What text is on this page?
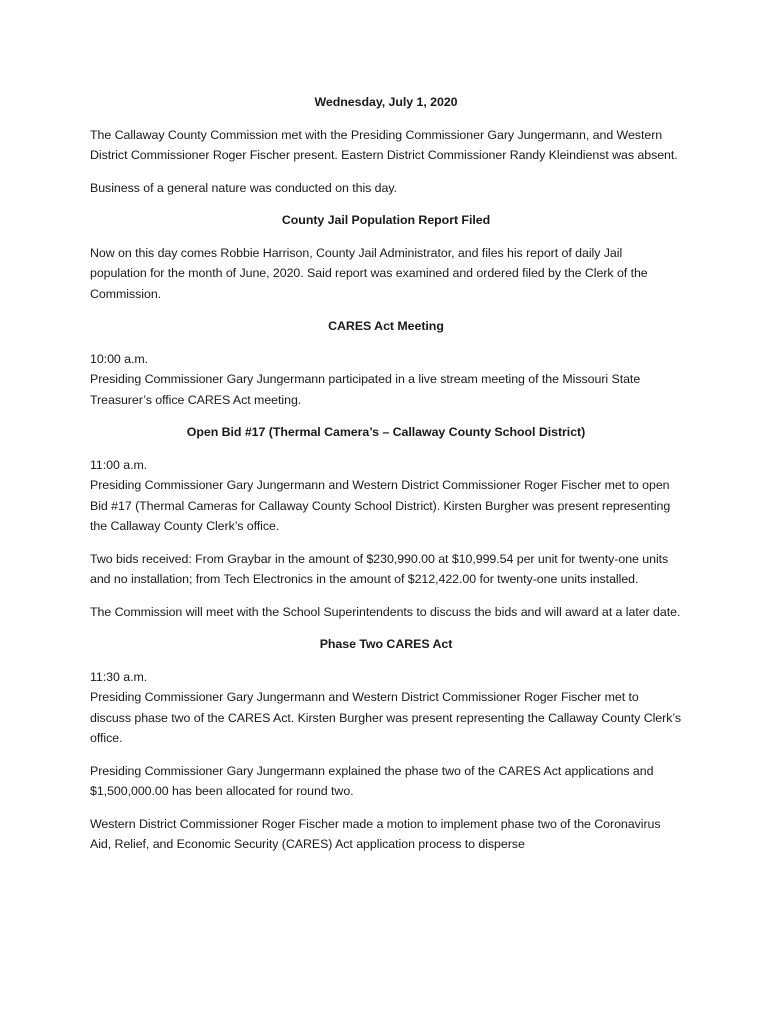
Wednesday, July 1, 2020

The Callaway County Commission met with the Presiding Commissioner Gary Jungermann, and Western District Commissioner Roger Fischer present. Eastern District Commissioner Randy Kleindienst was absent.

Business of a general nature was conducted on this day.

County Jail Population Report Filed

Now on this day comes Robbie Harrison, County Jail Administrator, and files his report of daily Jail population for the month of June, 2020. Said report was examined and ordered filed by the Clerk of the Commission.

CARES Act Meeting

10:00 a.m.
Presiding Commissioner Gary Jungermann participated in a live stream meeting of the Missouri State Treasurer’s office CARES Act meeting.

Open Bid #17 (Thermal Camera’s – Callaway County School District)

11:00 a.m.
Presiding Commissioner Gary Jungermann and Western District Commissioner Roger Fischer met to open Bid #17 (Thermal Cameras for Callaway County School District). Kirsten Burgher was present representing the Callaway County Clerk’s office.

Two bids received: From Graybar in the amount of $230,990.00 at $10,999.54 per unit for twenty-one units and no installation; from Tech Electronics in the amount of $212,422.00 for twenty-one units installed.

The Commission will meet with the School Superintendents to discuss the bids and will award at a later date.

Phase Two CARES Act

11:30 a.m.
Presiding Commissioner Gary Jungermann and Western District Commissioner Roger Fischer met to discuss phase two of the CARES Act. Kirsten Burgher was present representing the Callaway County Clerk’s office.

Presiding Commissioner Gary Jungermann explained the phase two of the CARES Act applications and $1,500,000.00 has been allocated for round two.

Western District Commissioner Roger Fischer made a motion to implement phase two of the Coronavirus Aid, Relief, and Economic Security (CARES) Act application process to disperse
